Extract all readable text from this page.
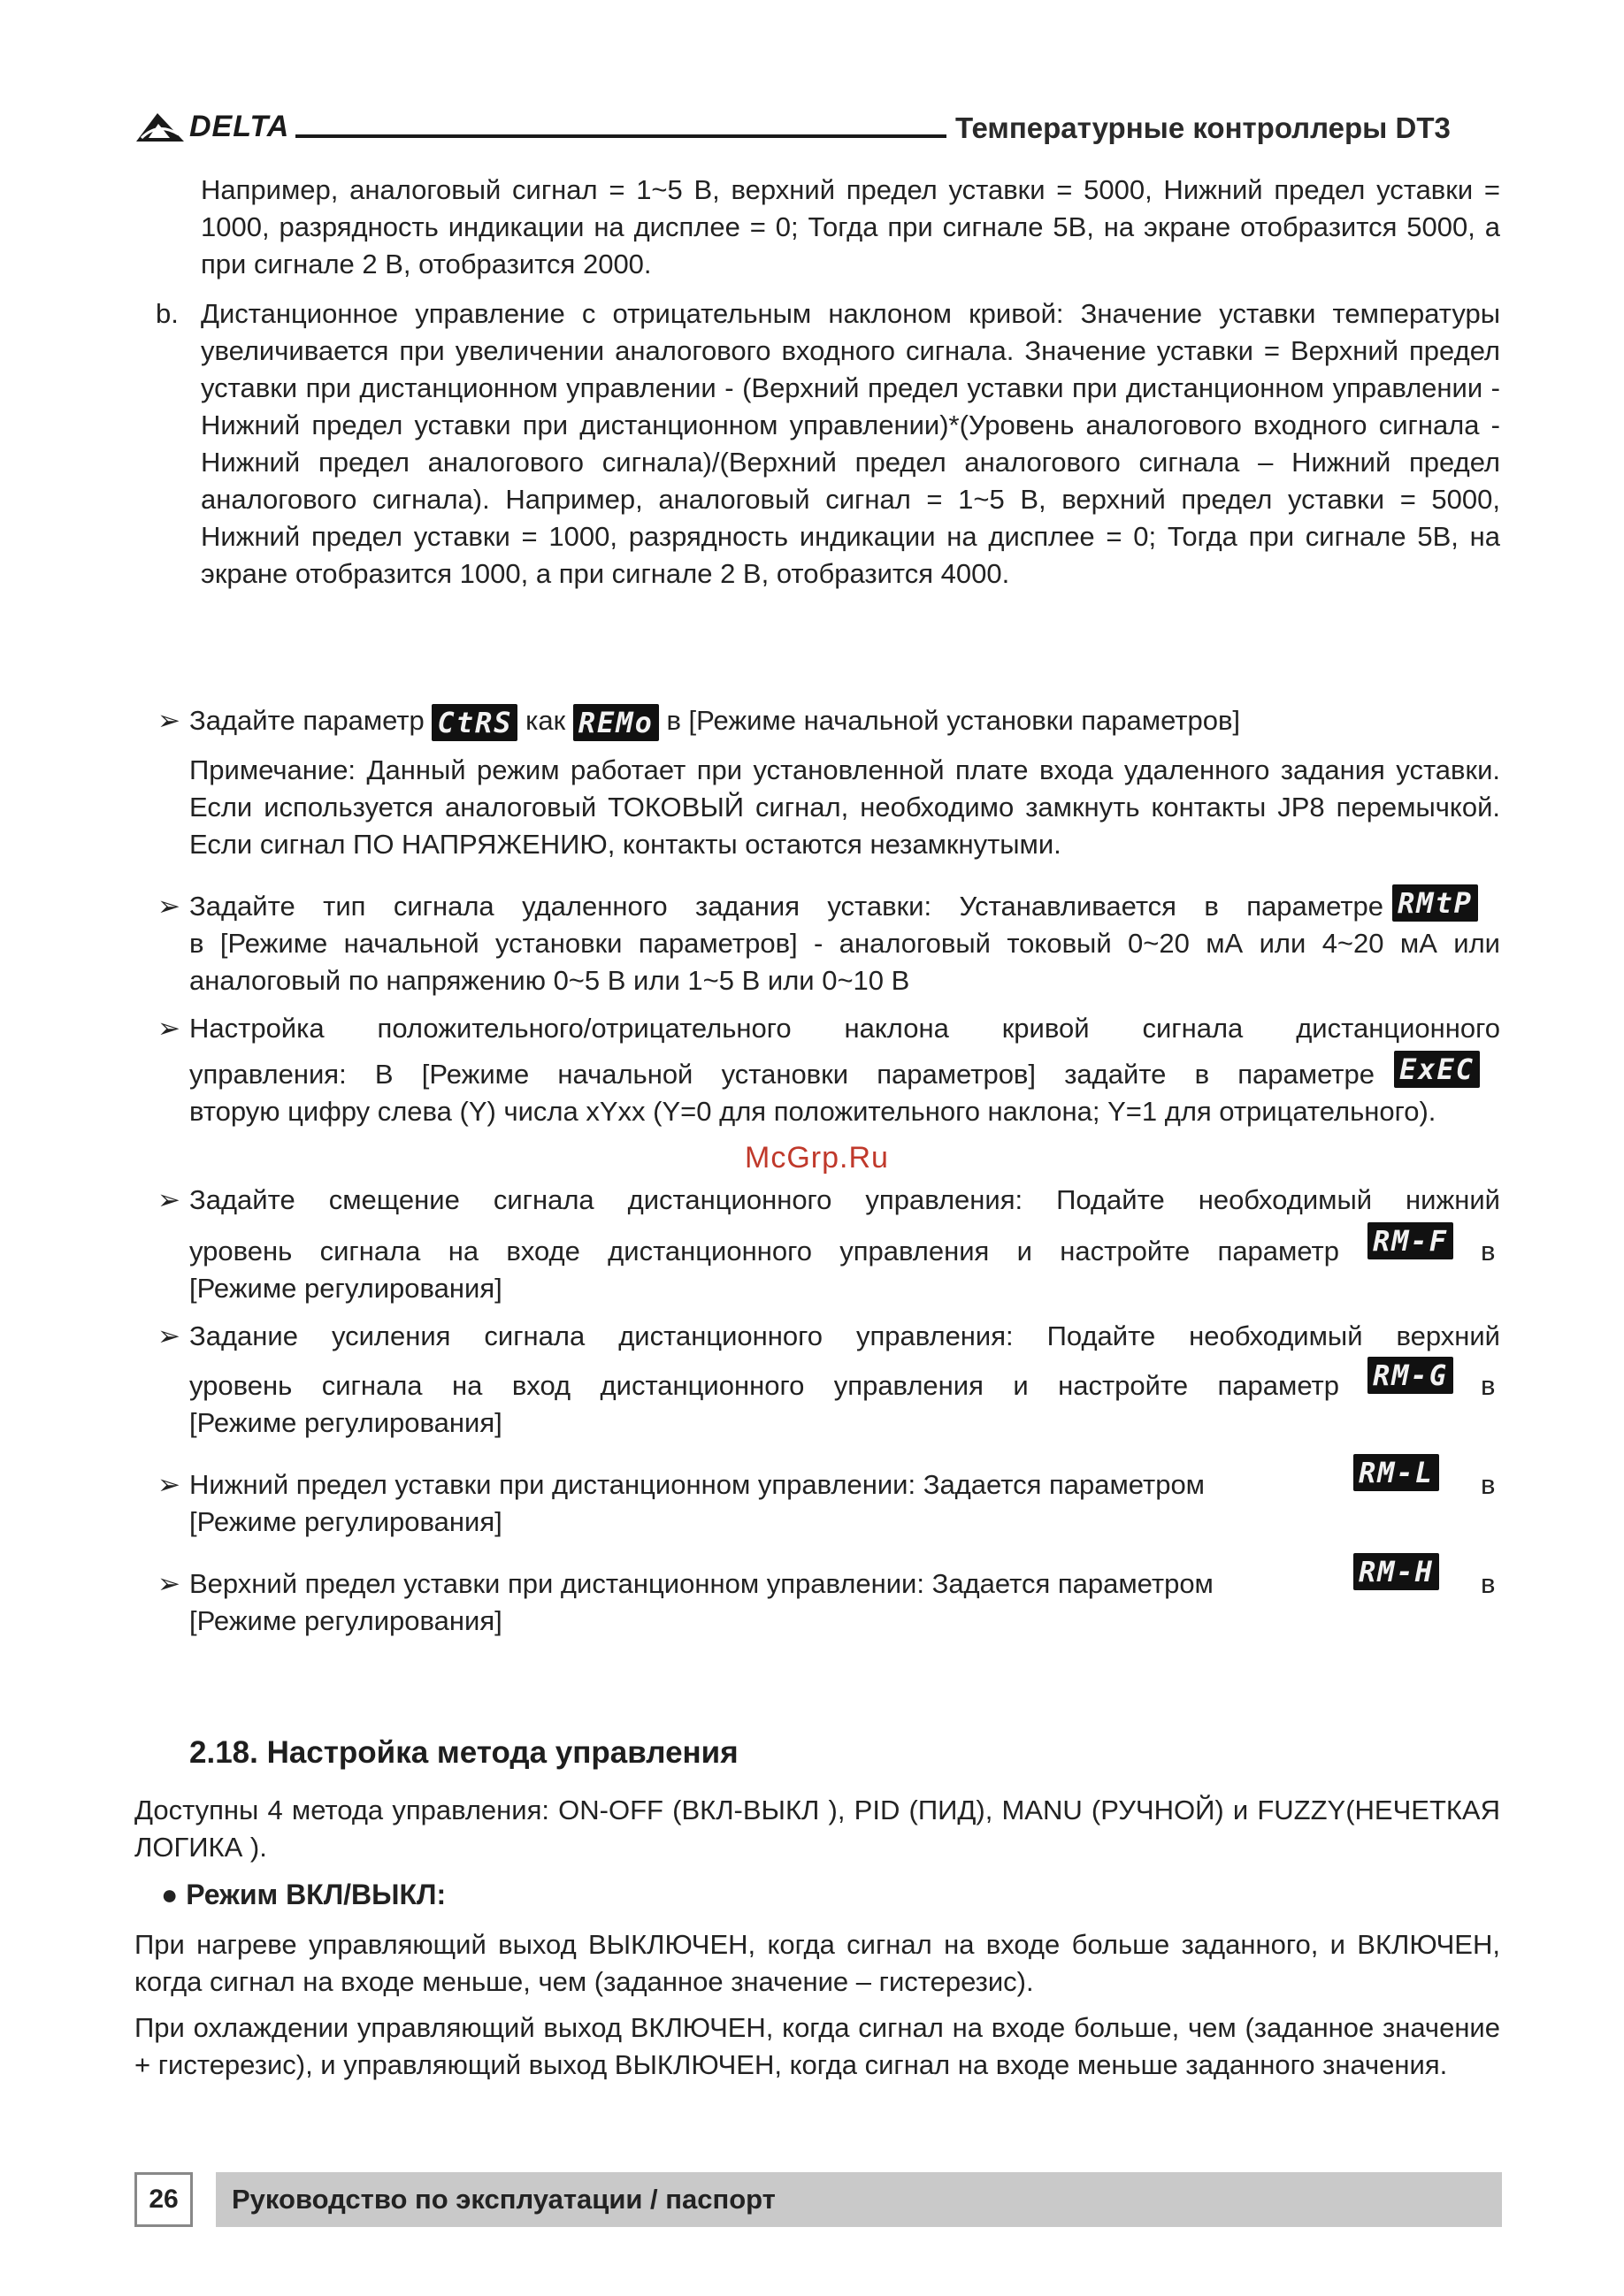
DELTA	Температурные контроллеры DT3
Например, аналоговый сигнал = 1~5 В, верхний предел уставки = 5000, Нижний предел уставки = 1000, разрядность индикации на дисплее = 0; Тогда при сигнале 5В, на экране отобразится 5000, а при сигнале 2 В, отобразится 2000.
b. Дистанционное управление с отрицательным наклоном кривой: Значение уставки температуры увеличивается при увеличении аналогового входного сигнала. Значение уставки = Верхний предел уставки при дистанционном управлении - (Верхний предел уставки при дистанционном управлении - Нижний предел уставки при дистанционном управлении)*(Уровень аналогового входного сигнала - Нижний предел аналогового сигнала)/(Верхний предел аналогового сигнала – Нижний предел аналогового сигнала). Например, аналоговый сигнал = 1~5 В, верхний предел уставки = 5000, Нижний предел уставки = 1000, разрядность индикации на дисплее = 0; Тогда при сигнале 5В, на экране отобразится 1000, а при сигнале 2 В, отобразится 4000.
➢ Задайте параметр CtRS как REMo в [Режиме начальной установки параметров]
Примечание: Данный режим работает при установленной плате входа удаленного задания уставки. Если используется аналоговый ТОКОВЫЙ сигнал, необходимо замкнуть контакты JP8 перемычкой. Если сигнал ПО НАПРЯЖЕНИЮ, контакты остаются незамкнутыми.
➢ Задайте тип сигнала удаленного задания уставки: Устанавливается в параметре RMtP
в [Режиме начальной установки параметров] - аналоговый токовый 0~20 мА или 4~20 мА или аналоговый по напряжению 0~5 В или 1~5 В или 0~10 В
➢ Настройка положительного/отрицательного наклона кривой сигнала дистанционного
управления: В [Режиме начальной установки параметров] задайте в параметре ExEC
вторую цифру слева (Y) числа xYxx (Y=0 для положительного наклона; Y=1 для отрицательного).
McGrp.Ru
➢ Задайте смещение сигнала дистанционного управления: Подайте необходимый нижний
уровень сигнала на входе дистанционного управления и настройте параметр RM-F в
[Режиме регулирования]
➢ Задание усиления сигнала дистанционного управления: Подайте необходимый верхний
уровень сигнала на вход дистанционного управления и настройте параметр RM-G в
[Режиме регулирования]
➢ Нижний предел уставки при дистанционном управлении: Задается параметром	RM-L в
[Режиме регулирования]
➢ Верхний предел уставки при дистанционном управлении: Задается параметром	RM-H в
[Режиме регулирования]
2.18. Настройка метода управления
Доступны 4 метода управления: ON-OFF (ВКЛ-ВЫКЛ ), PID (ПИД), MANU (РУЧНОЙ) и FUZZY(НЕЧЕТКАЯ ЛОГИКА ).
● Режим ВКЛ/ВЫКЛ:
При нагреве управляющий выход ВЫКЛЮЧЕН, когда сигнал на входе больше заданного, и ВКЛЮЧЕН, когда сигнал на входе меньше, чем (заданное значение – гистерезис).
При охлаждении управляющий выход ВКЛЮЧЕН, когда сигнал на входе больше, чем (заданное значение + гистерезис), и управляющий выход ВЫКЛЮЧЕН, когда сигнал на входе меньше заданного значения.
26	Руководство по эксплуатации / паспорт
